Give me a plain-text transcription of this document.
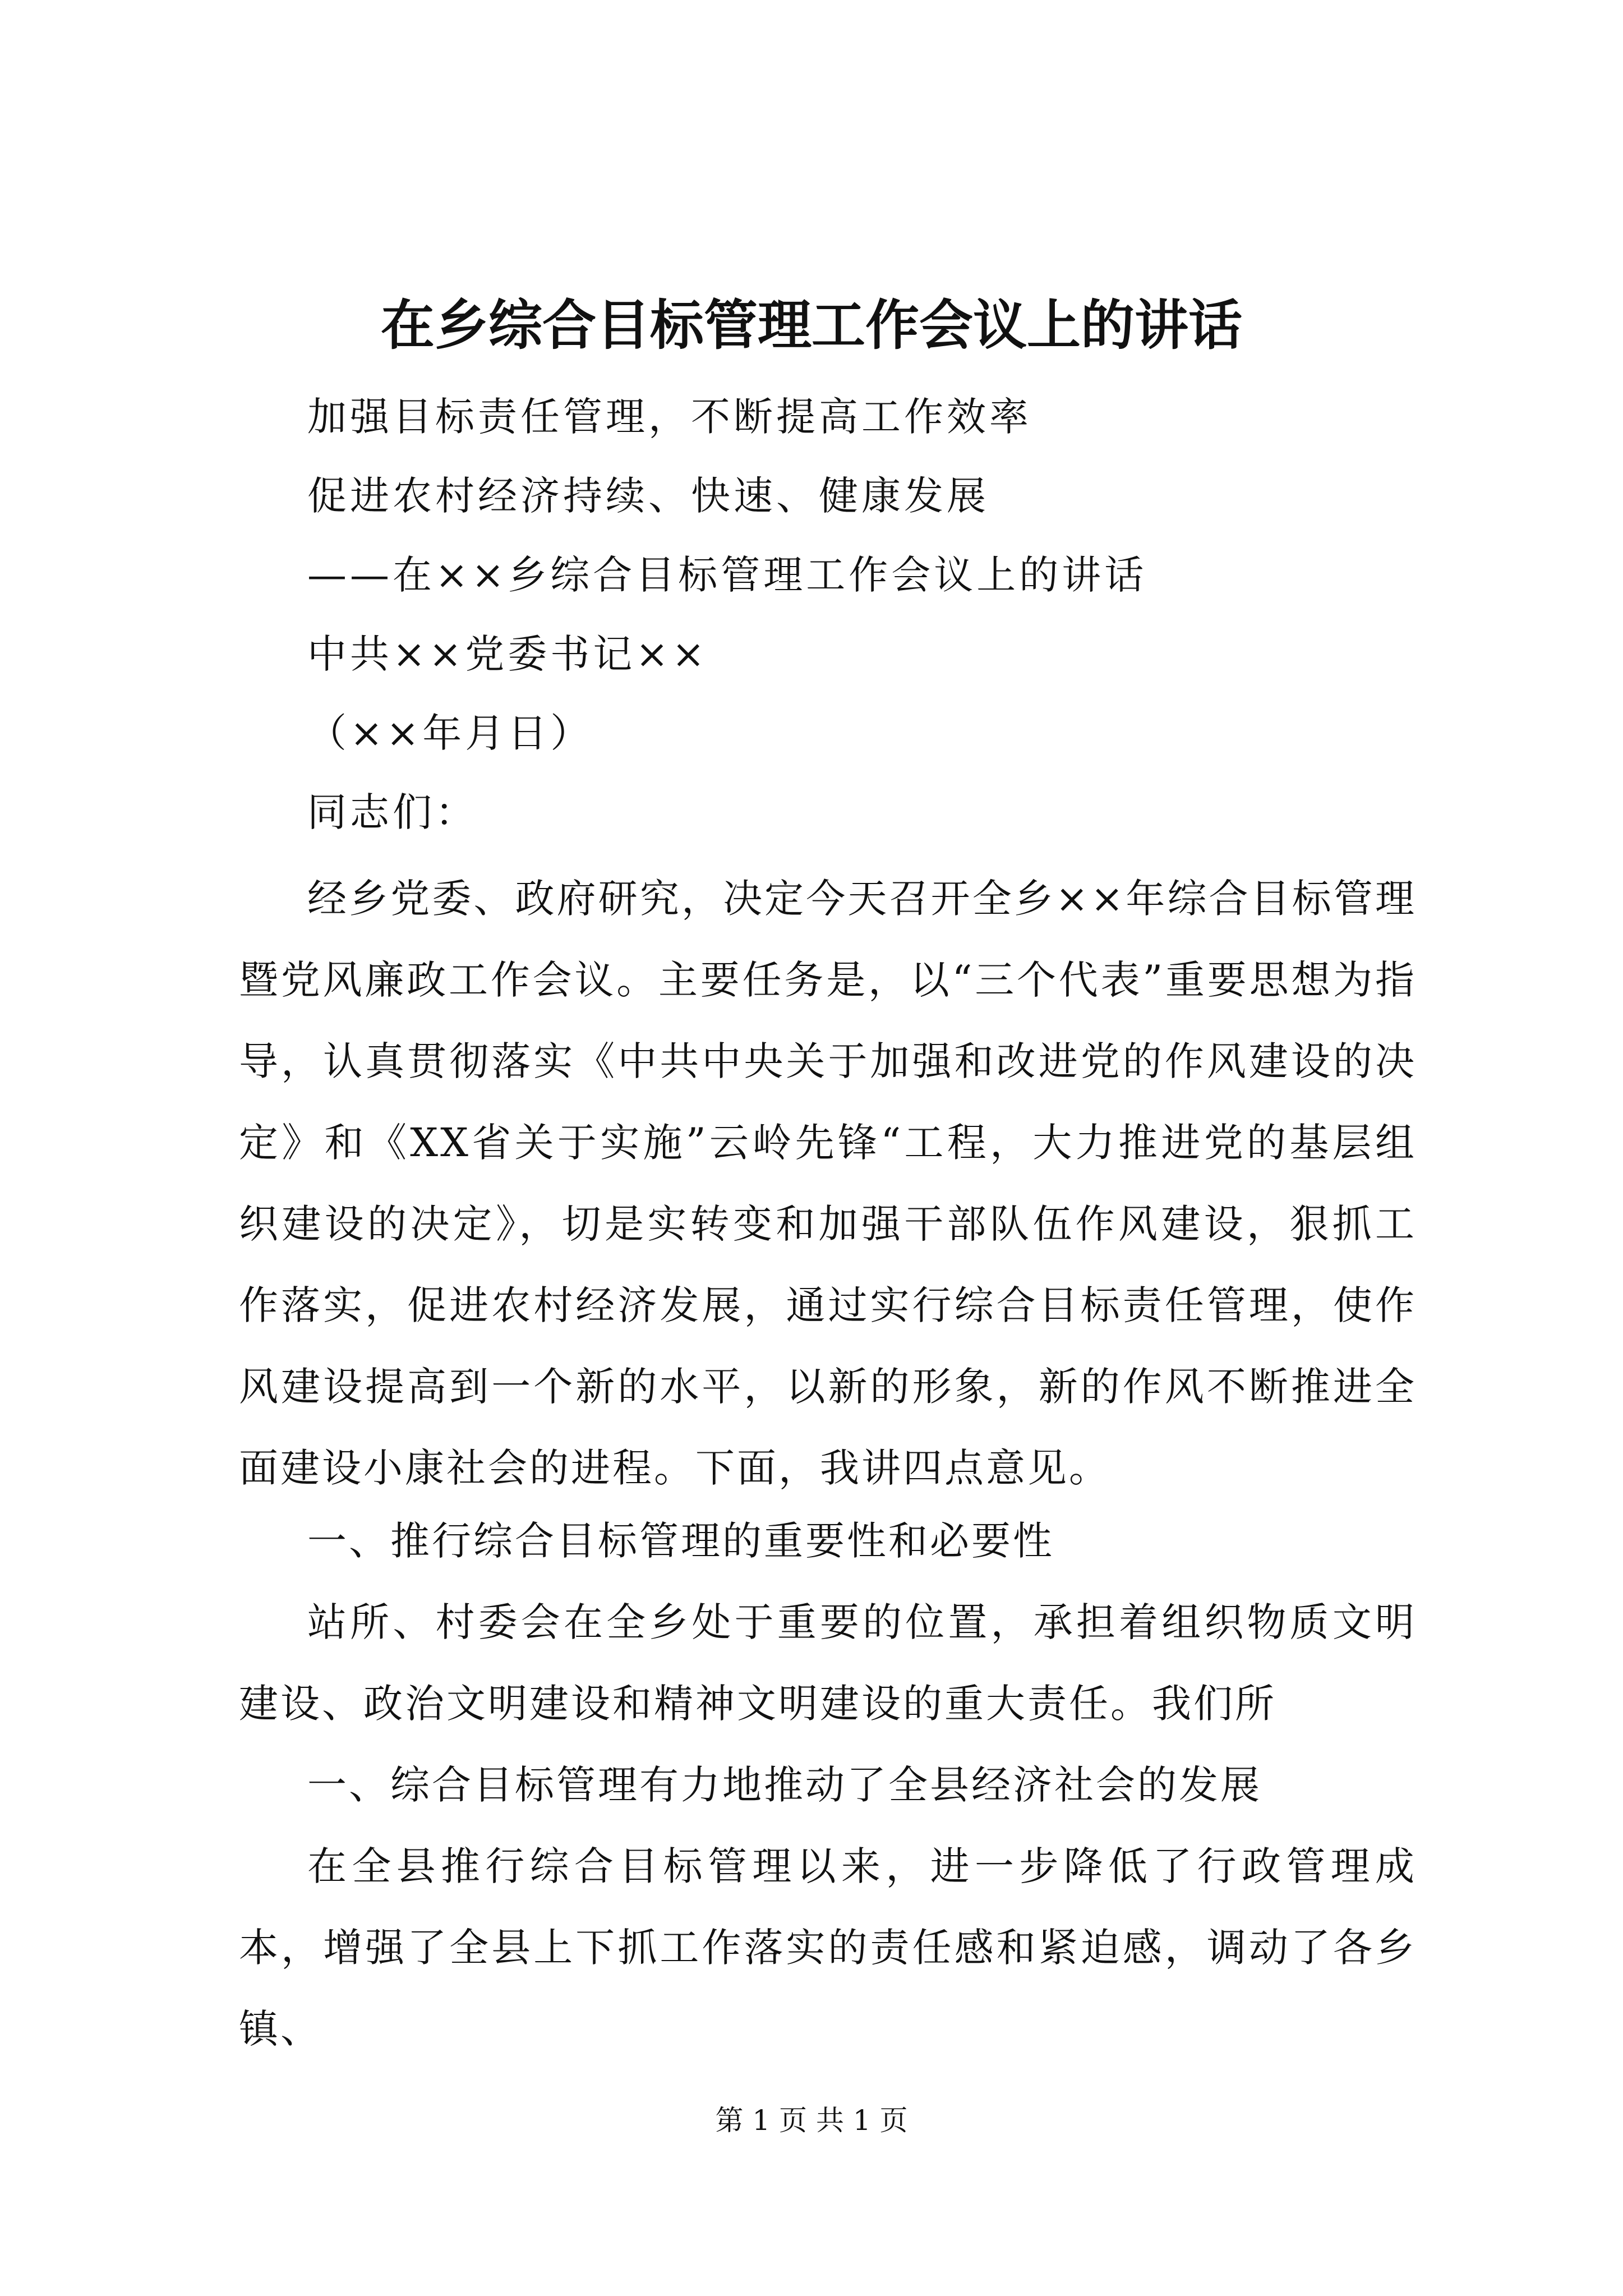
在乡综合目标管理工作会议上的讲话
加强目标责任管理，不断提高工作效率
促进农村经济持续、快速、健康发展
——在××乡综合目标管理工作会议上的讲话
中共××党委书记××
（××年月日）
同志们：
经乡党委、政府研究，决定今天召开全乡××年综合目标管理暨党风廉政工作会议。主要任务是，以“三个代表”重要思想为指导，认真贯彻落实《中共中央关于加强和改进党的作风建设的决定》和《XX省关于实施”云岭先锋“工程，大力推进党的基层组织建设的决定》，切是实转变和加强干部队伍作风建设，狠抓工作落实，促进农村经济发展，通过实行综合目标责任管理，使作风建设提高到一个新的水平，以新的形象，新的作风不断推进全面建设小康社会的进程。下面，我讲四点意见。
一、推行综合目标管理的重要性和必要性
站所、村委会在全乡处于重要的位置，承担着组织物质文明建设、政治文明建设和精神文明建设的重大责任。我们所
一、综合目标管理有力地推动了全县经济社会的发展
在全县推行综合目标管理以来，进一步降低了行政管理成本，增强了全县上下抓工作落实的责任感和紧迫感，调动了各乡镇、
第 1 页 共 1 页
